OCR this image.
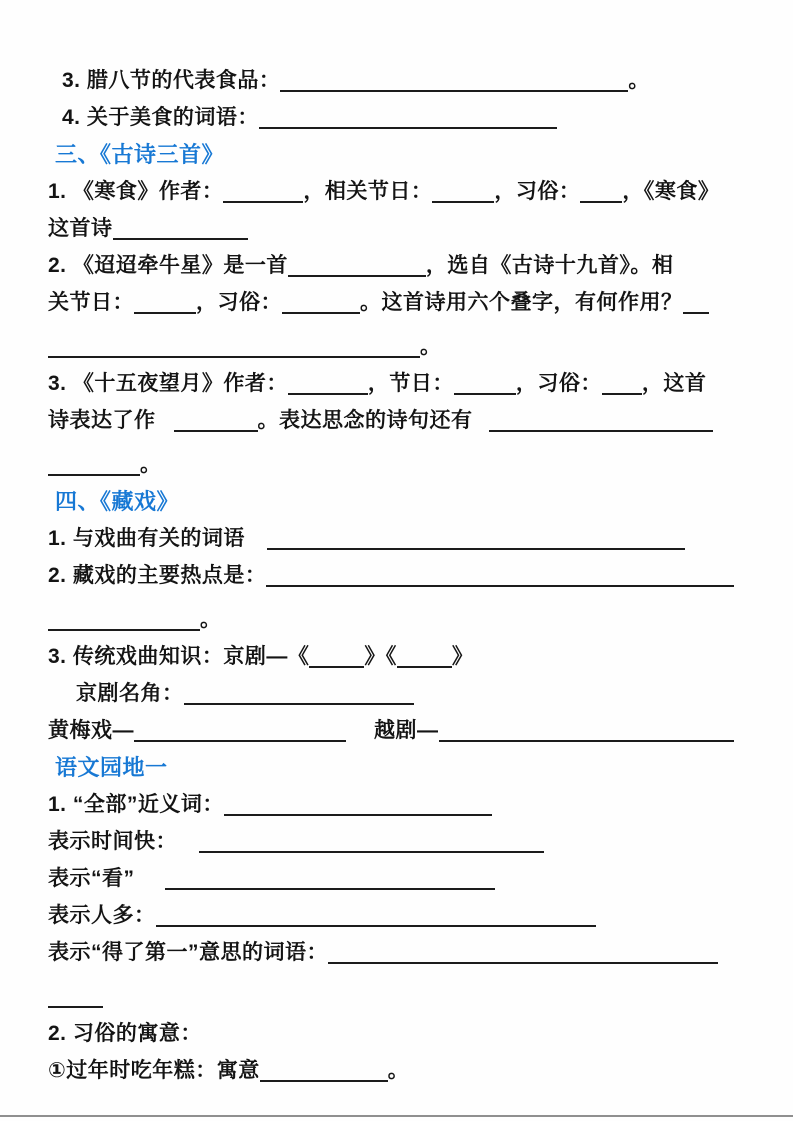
3. 腊八节的代表食品：	。
4. 关于美食的词语：
三、《古诗三首》
1. 《寒食》作者：	，相关节日：	，习俗： ，《寒食》
这首诗
2. 《迢迢牵牛星》是一首	，选自《古诗十九首》。相
关节日：	，习俗：	。这首诗用六个叠字，有何作用？
。
3. 《十五夜望月》作者：	，节日：	，习俗： ，这首
诗表达了作	。表达思念的诗句还有
。
四、《藏戏》
1. 与戏曲有关的词语
2. 藏戏的主要热点是：
。
3. 传统戏曲知识：京剧—《	》《	》
京剧名角：
黄梅戏—	越剧—
语文园地一
1. “全部”近义词：
表示时间快：
表示“看”
表示人多：
表示“得了第一”意思的词语：
2. 习俗的寓意：
①过年时吃年糕：寓意	。
